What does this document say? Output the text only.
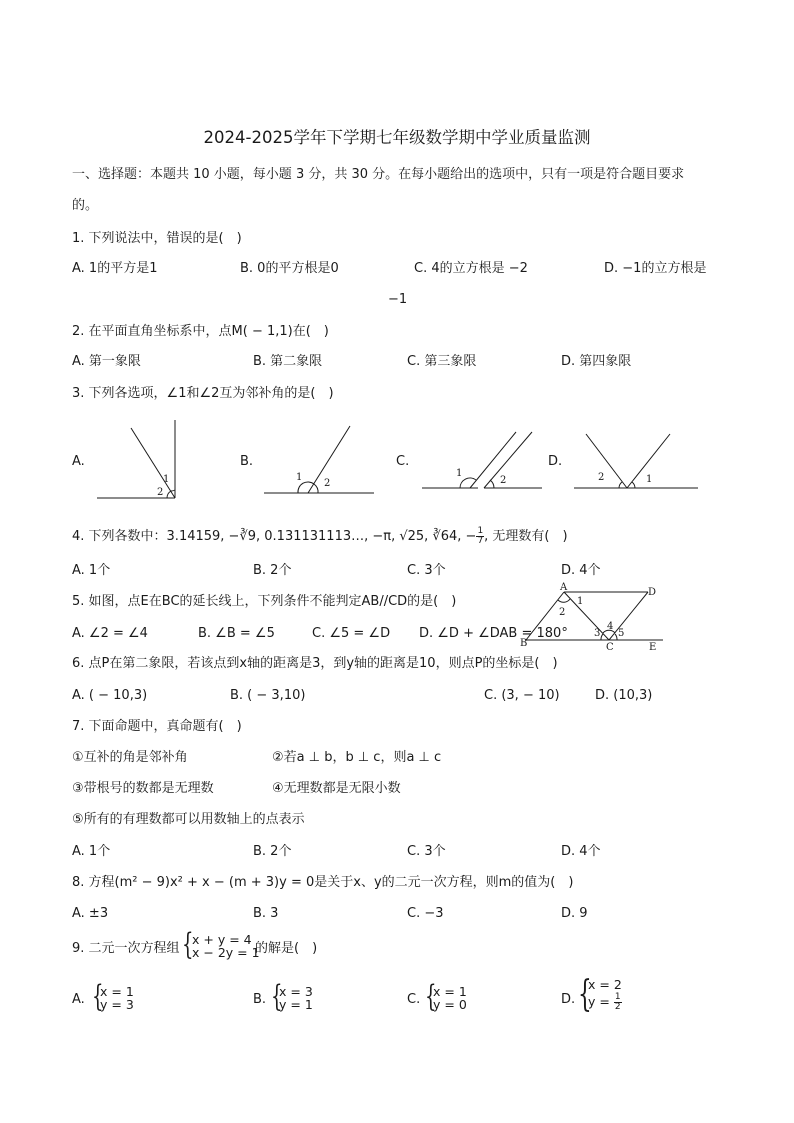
2024-2025学年下学期七年级数学期中学业质量监测
一、选择题：本题共 10 小题，每小题 3 分，共 30 分。在每小题给出的选项中，只有一项是符合题目要求
的。
1. 下列说法中，错误的是(　)
A. 1的平方是1	B. 0的平方根是0	C. 4的立方根是 −2	D. −1的立方根是
−1
2. 在平面直角坐标系中，点M( − 1,1)在(　)
A. 第一象限	B. 第二象限	C. 第三象限	D. 第四象限
3. 下列各选项，∠1和∠2互为邻补角的是(　)
A.	B.	C.	D.
1
2
1
2
1
2	2	1
4. 下列各数中：3.14159, −∛9, 0.131131113…, −π, √25, ∛64, − $\frac{1}{7}$ , 无理数有(　)
A. 1个	B. 2个	C. 3个	D. 4个
5. 如图，点E在BC的延长线上，下列条件不能判定AB//CD的是(　)
A. ∠2 = ∠4	B. ∠B = ∠5	C. ∠5 = ∠D D. ∠D + ∠DAB = 180°
A	D
B	C	E
1
2
3
4
5
6. 点P在第二象限，若该点到x轴的距离是3，到y轴的距离是10，则点P的坐标是(　)
A. ( − 10,3)	B. ( − 3,10)	C. (3, − 10)	D. (10,3)
7. 下面命题中，真命题有(　)
①互补的角是邻补角	②若a ⊥ b，b ⊥ c，则a ⊥ c
③带根号的数都是无理数	④无理数都是无限小数
⑤所有的有理数都可以用数轴上的点表示
A. 1个	B. 2个	C. 3个	D. 4个
8. 方程(m² − 9)x² + x − (m + 3)y = 0是关于x、y的二元一次方程，则m的值为(　)
A. ±3	B. 3	C. −3	D. 9
9. 二元一次方程组 {
x + y = 4
x − 2y = 1
的解是(　)
A. {
x = 1
y = 3	B. {
x = 3
y = 1	C. {
x = 1
y = 0	D. {
x = 2
$y = \frac{1}{2}$
